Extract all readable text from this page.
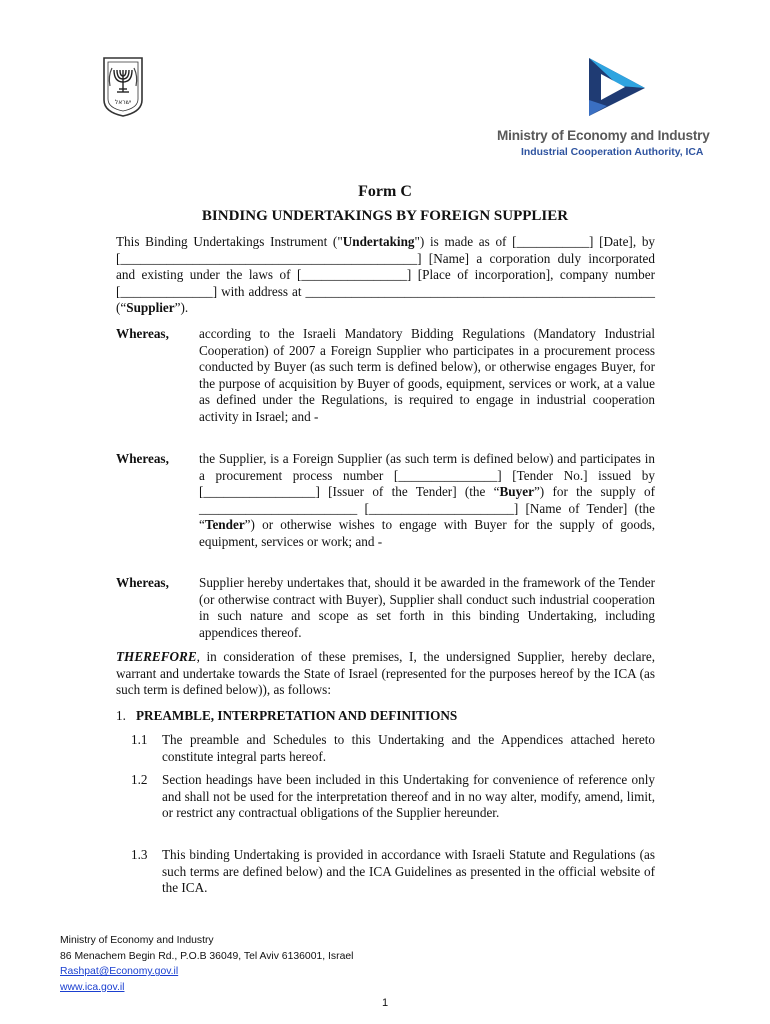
ישראל
Ministry of Economy and Industry
Industrial Cooperation Authority, ICA
Form C
BINDING UNDERTAKINGS BY FOREIGN SUPPLIER
This Binding Undertakings Instrument ("Undertaking") is made as of [___________] [Date], by [_____________________________________________] [Name] a corporation duly incorporated and existing under the laws of [________________] [Place of incorporation], company number [______________] with address at _____________________________________________________ (“Supplier”).
Whereas, according to the Israeli Mandatory Bidding Regulations (Mandatory Industrial Cooperation) of 2007 a Foreign Supplier who participates in a procurement process conducted by Buyer (as such term is defined below), or otherwise engages Buyer, for the purpose of acquisition by Buyer of goods, equipment, services or work, at a value as defined under the Regulations, is required to engage in industrial cooperation activity in Israel; and -
Whereas, the Supplier, is a Foreign Supplier (as such term is defined below) and participates in a procurement process number [_______________] [Tender No.] issued by [_________________] [Issuer of the Tender] (the “Buyer”) for the supply of ________________________ [______________________] [Name of Tender] (the “Tender”) or otherwise wishes to engage with Buyer for the supply of goods, equipment, services or work; and -
Whereas, Supplier hereby undertakes that, should it be awarded in the framework of the Tender (or otherwise contract with Buyer), Supplier shall conduct such industrial cooperation in such nature and scope as set forth in this binding Undertaking, including appendices thereof.
THEREFORE, in consideration of these premises, I, the undersigned Supplier, hereby declare, warrant and undertake towards the State of Israel (represented for the purposes hereof by the ICA (as such term is defined below)), as follows:
1. PREAMBLE, INTERPRETATION AND DEFINITIONS
1.1 The preamble and Schedules to this Undertaking and the Appendices attached hereto constitute integral parts hereof.
1.2 Section headings have been included in this Undertaking for convenience of reference only and shall not be used for the interpretation thereof and in no way alter, modify, amend, limit, or restrict any contractual obligations of the Supplier hereunder.
1.3 This binding Undertaking is provided in accordance with Israeli Statute and Regulations (as such terms are defined below) and the ICA Guidelines as presented in the official website of the ICA.
Ministry of Economy and Industry
86 Menachem Begin Rd., P.O.B 36049, Tel Aviv 6136001, Israel
Rashpat@Economy.gov.il
www.ica.gov.il
1
